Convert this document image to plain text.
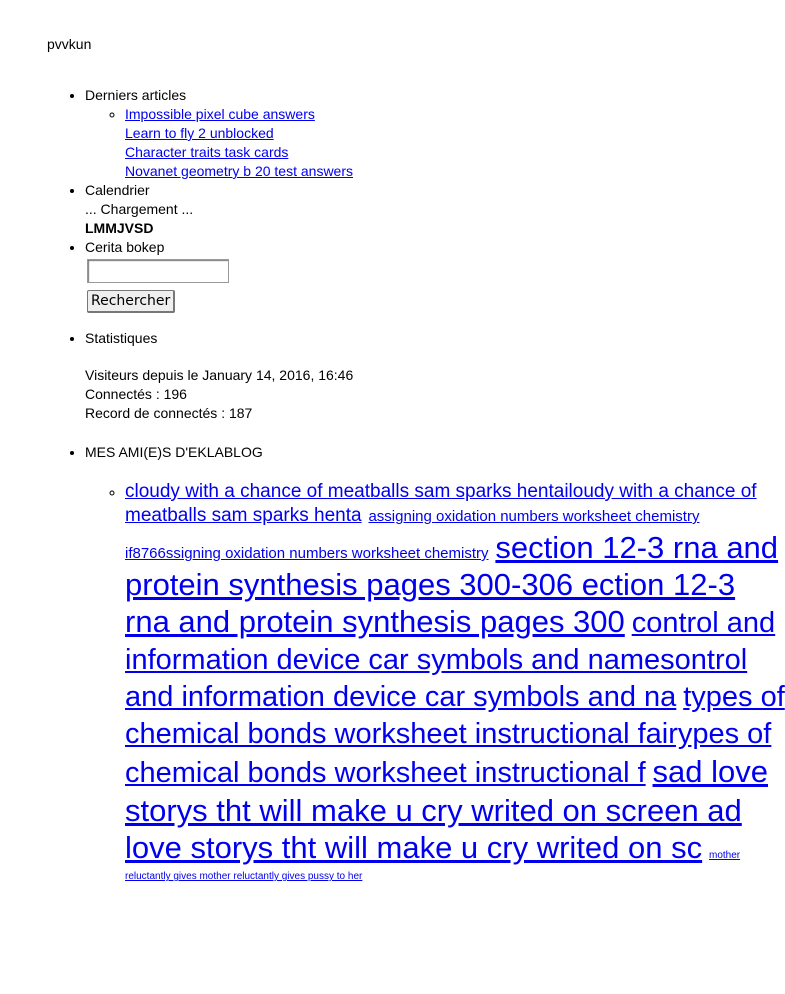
pvvkun
• Derniers articles
◦ Impossible pixel cube answers
Learn to fly 2 unblocked
Character traits task cards
Novanet geometry b 20 test answers
• Calendrier
... Chargement ...
LMMJVSD
• Cerita bokep
Rechercher
• Statistiques
Visiteurs depuis le January 14, 2016, 16:46
Connectés : 196
Record de connectés : 187
• MES AMI(E)S D'EKLABLOG
◦ cloudy with a chance of meatballs sam sparks hentailoudy with a chance of meatballs sam sparks henta assigning oxidation numbers worksheet chemistry if8766ssigning oxidation numbers worksheet chemistry section 12-3 rna and protein synthesis pages 300-306 ection 12-3 rna and protein synthesis pages 300 control and information device car symbols and namesontrol and information device car symbols and na types of chemical bonds worksheet instructional fairypes of chemical bonds worksheet instructional f sad love storys tht will make u cry writed on screen ad love storys tht will make u cry writed on sc mother reluctantly gives mother reluctantly gives pussy to her
